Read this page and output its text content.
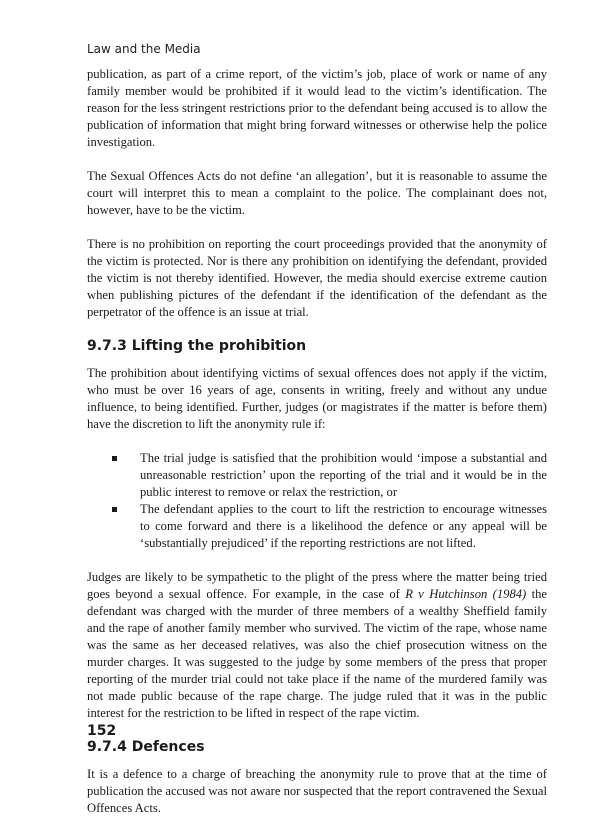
Law and the Media

publication, as part of a crime report, of the victim’s job, place of work or name of any family member would be prohibited if it would lead to the victim’s identification. The reason for the less stringent restrictions prior to the defendant being accused is to allow the publication of information that might bring forward witnesses or otherwise help the police investigation.

The Sexual Offences Acts do not define ‘an allegation’, but it is reasonable to assume the court will interpret this to mean a complaint to the police. The complainant does not, however, have to be the victim.

There is no prohibition on reporting the court proceedings provided that the anonymity of the victim is protected. Nor is there any prohibition on identifying the defendant, provided the victim is not thereby identified. However, the media should exercise extreme caution when publishing pictures of the defendant if the identification of the defendant as the perpetrator of the offence is an issue at trial.

9.7.3 Lifting the prohibition

The prohibition about identifying victims of sexual offences does not apply if the victim, who must be over 16 years of age, consents in writing, freely and without any undue influence, to being identified. Further, judges (or magistrates if the matter is before them) have the discretion to lift the anonymity rule if:

The trial judge is satisfied that the prohibition would ‘impose a substantial and unreasonable restriction’ upon the reporting of the trial and it would be in the public interest to remove or relax the restriction, or
The defendant applies to the court to lift the restriction to encourage witnesses to come forward and there is a likelihood the defence or any appeal will be ‘substantially prejudiced’ if the reporting restrictions are not lifted.

Judges are likely to be sympathetic to the plight of the press where the matter being tried goes beyond a sexual offence. For example, in the case of R v Hutchinson (1984) the defendant was charged with the murder of three members of a wealthy Sheffield family and the rape of another family member who survived. The victim of the rape, whose name was the same as her deceased relatives, was also the chief prosecution witness on the murder charges. It was suggested to the judge by some members of the press that proper reporting of the murder trial could not take place if the name of the murdered family was not made public because of the rape charge. The judge ruled that it was in the public interest for the restriction to be lifted in respect of the rape victim.

9.7.4 Defences

It is a defence to a charge of breaching the anonymity rule to prove that at the time of publication the accused was not aware nor suspected that the report contravened the Sexual Offences Acts.

152
